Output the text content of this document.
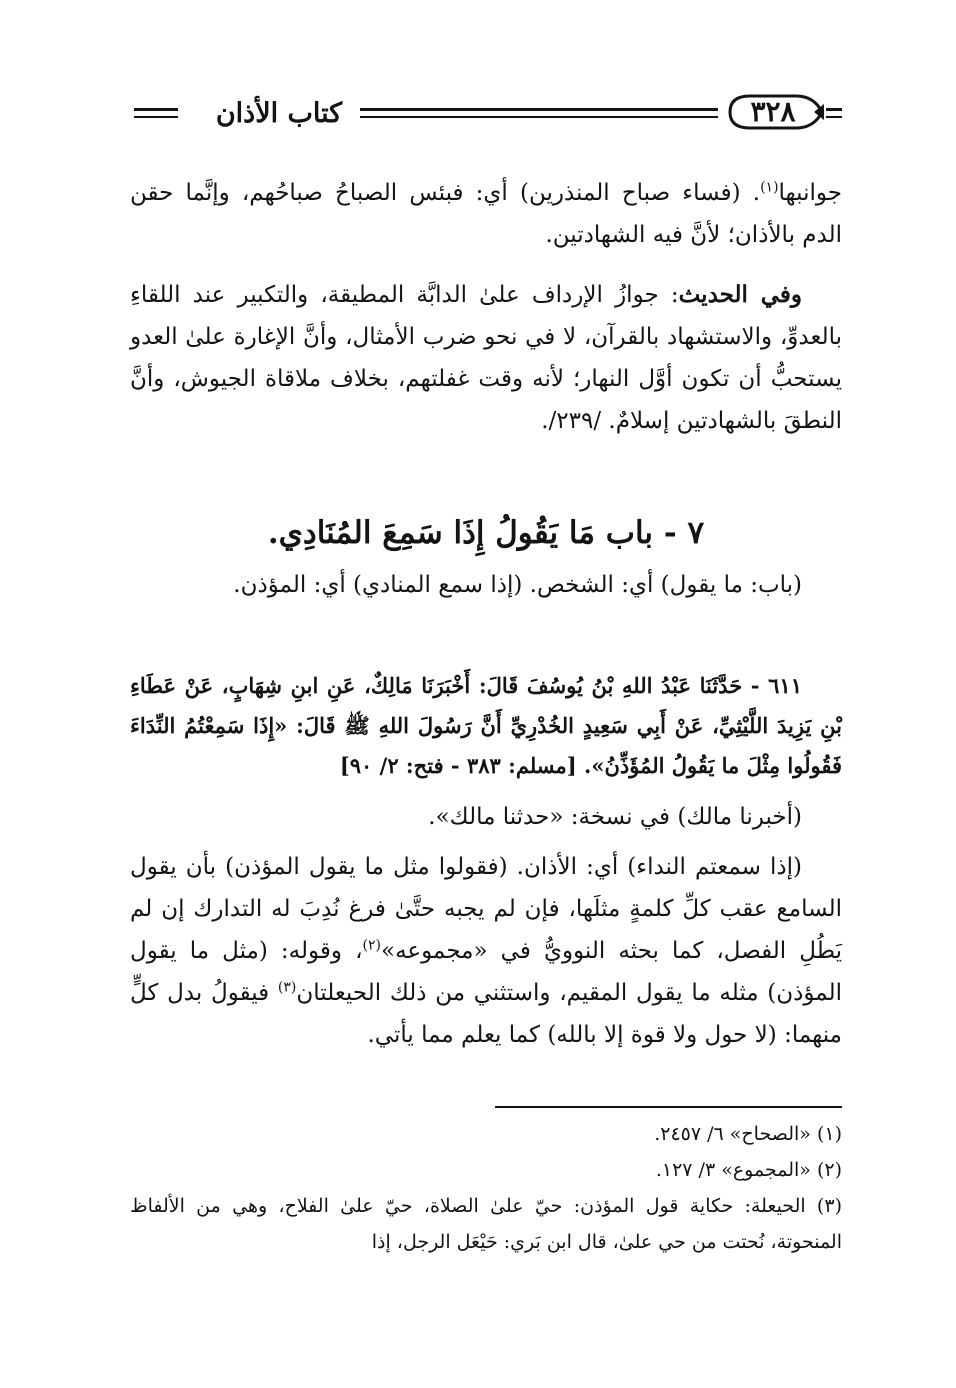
كتاب الأذان	٣٢٨
جوانبها$^{(١)}$. (فساء صباح المنذرين) أي: فبئس الصباحُ صباحُهم، وإنَّما حقن الدم بالأذان؛ لأنَّ فيه الشهادتين.
وفي الحديث: جوازُ الإرداف علىٰ الدابَّة المطيقة، والتكبير عند اللقاءِ بالعدوِّ، والاستشهاد بالقرآن، لا في نحو ضرب الأمثال، وأنَّ الإغارة علىٰ العدو يستحبُّ أن تكون أوَّل النهار؛ لأنه وقت غفلتهم، بخلاف ملاقاة الجيوش، وأنَّ النطقَ بالشهادتين إسلامٌ. /٢٣٩/.
٧ - باب مَا يَقُولُ إِذَا سَمِعَ المُنَادِي.
(باب: ما يقول) أي: الشخص. (إذا سمع المنادي) أي: المؤذن.
٦١١ - حَدَّثَنَا عَبْدُ اللهِ بْنُ يُوسُفَ قَالَ: أَخْبَرَنَا مَالِكٌ، عَنِ ابنِ شِهَابٍ، عَنْ عَطَاءِ بْنِ يَزِيدَ اللَّيْثِيِّ، عَنْ أَبِي سَعِيدٍ الخُدْرِيِّ أَنَّ رَسُولَ اللهِ ﷺ قَالَ: «إِذَا سَمِعْتُمُ النِّدَاءَ فَقُولُوا مِثْلَ ما يَقُولُ المُؤَذِّنُ». [مسلم: ٣٨٣ - فتح: ٢/ ٩٠]
(أخبرنا مالك) في نسخة: «حدثنا مالك».
(إذا سمعتم النداء) أي: الأذان. (فقولوا مثل ما يقول المؤذن) بأن يقول السامع عقب كلِّ كلمةٍ مثلَها، فإن لم يجبه حتَّىٰ فرغ نُدِبَ له التدارك إن لم يَطُلِ الفصل، كما بحثه النوويُّ في «مجموعه»$^{(٢)}$، وقوله: (مثل ما يقول المؤذن) مثله ما يقول المقيم، واستثني من ذلك الحيعلتان$^{(٣)}$ فيقولُ بدل كلٍّ منهما: (لا حول ولا قوة إلا بالله) كما يعلم مما يأتي.

(١) «الصحاح» ٦/ ٢٤٥٧.

(٢) «المجموع» ٣/ ١٢٧.

(٣) الحيعلة: حكاية قول المؤذن: حيّ علىٰ الصلاة، حيّ علىٰ الفلاح، وهي من الألفاظ المنحوتة، نُحتت من حي علىٰ، قال ابن بَري: حَيْعَل الرجل، إذا
